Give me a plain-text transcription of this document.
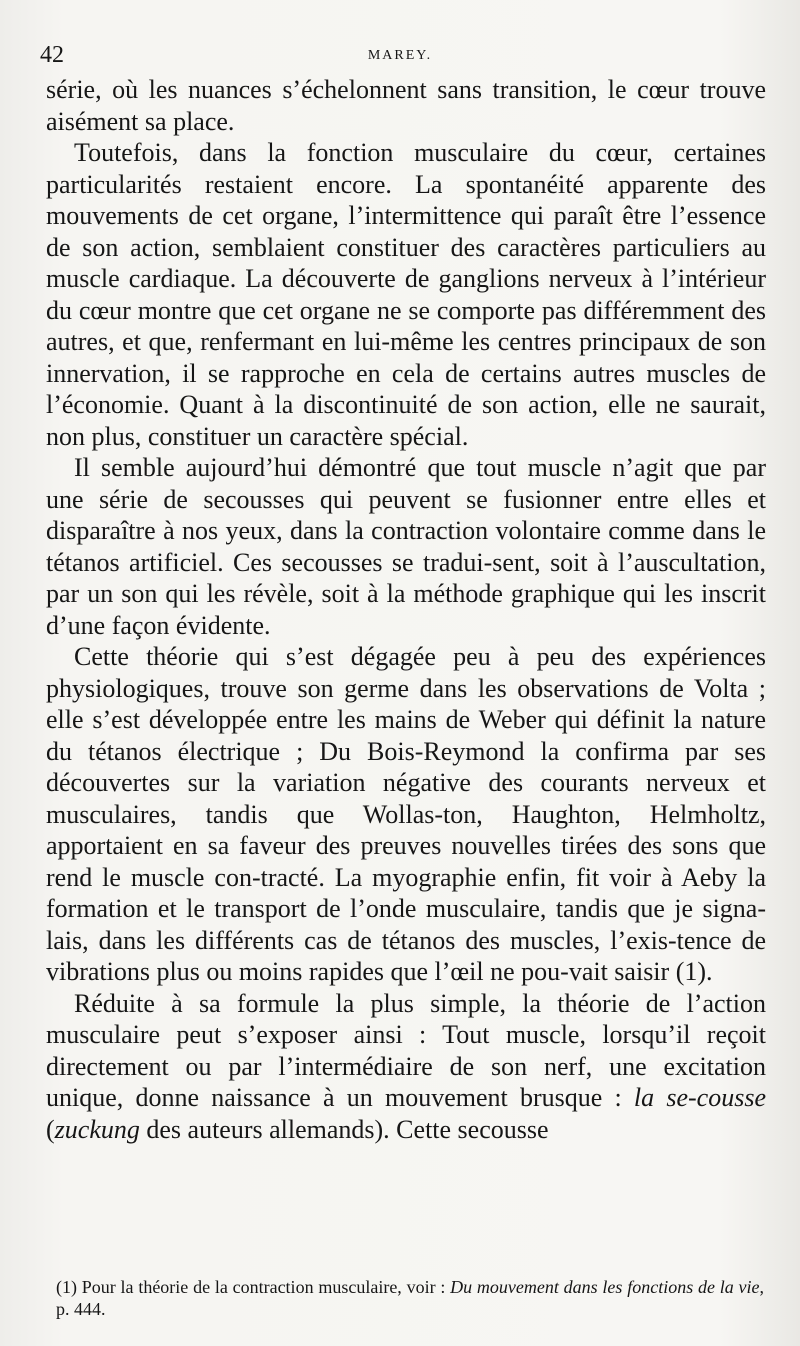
42	MAREY.

série, où les nuances s’échelonnent sans transition, le cœur trouve aisément sa place.

Toutefois, dans la fonction musculaire du cœur, certaines particularités restaient encore. La spontanéité apparente des mouvements de cet organe, l’intermittence qui paraît être l’essence de son action, semblaient constituer des caractères particuliers au muscle cardiaque. La découverte de ganglions nerveux à l’intérieur du cœur montre que cet organe ne se comporte pas différemment des autres, et que, renfermant en lui-même les centres principaux de son innervation, il se rapproche en cela de certains autres muscles de l’économie. Quant à la discontinuité de son action, elle ne saurait, non plus, constituer un caractère spécial.

Il semble aujourd’hui démontré que tout muscle n’agit que par une série de secousses qui peuvent se fusionner entre elles et disparaître à nos yeux, dans la contraction volontaire comme dans le tétanos artificiel. Ces secousses se tradui-sent, soit à l’auscultation, par un son qui les révèle, soit à la méthode graphique qui les inscrit d’une façon évidente.

Cette théorie qui s’est dégagée peu à peu des expériences physiologiques, trouve son germe dans les observations de Volta ; elle s’est développée entre les mains de Weber qui définit la nature du tétanos électrique ; Du Bois-Reymond la confirma par ses découvertes sur la variation négative des courants nerveux et musculaires, tandis que Wollas-ton, Haughton, Helmholtz, apportaient en sa faveur des preuves nouvelles tirées des sons que rend le muscle con-tracté. La myographie enfin, fit voir à Aeby la formation et le transport de l’onde musculaire, tandis que je signa-lais, dans les différents cas de tétanos des muscles, l’exis-tence de vibrations plus ou moins rapides que l’œil ne pou-vait saisir (1).

Réduite à sa formule la plus simple, la théorie de l’action musculaire peut s’exposer ainsi : Tout muscle, lorsqu’il reçoit directement ou par l’intermédiaire de son nerf, une excitation unique, donne naissance à un mouvement brusque : la se-cousse (zuckung des auteurs allemands). Cette secousse

(1) Pour la théorie de la contraction musculaire, voir : Du mouvement dans les fonctions de la vie, p. 444.
